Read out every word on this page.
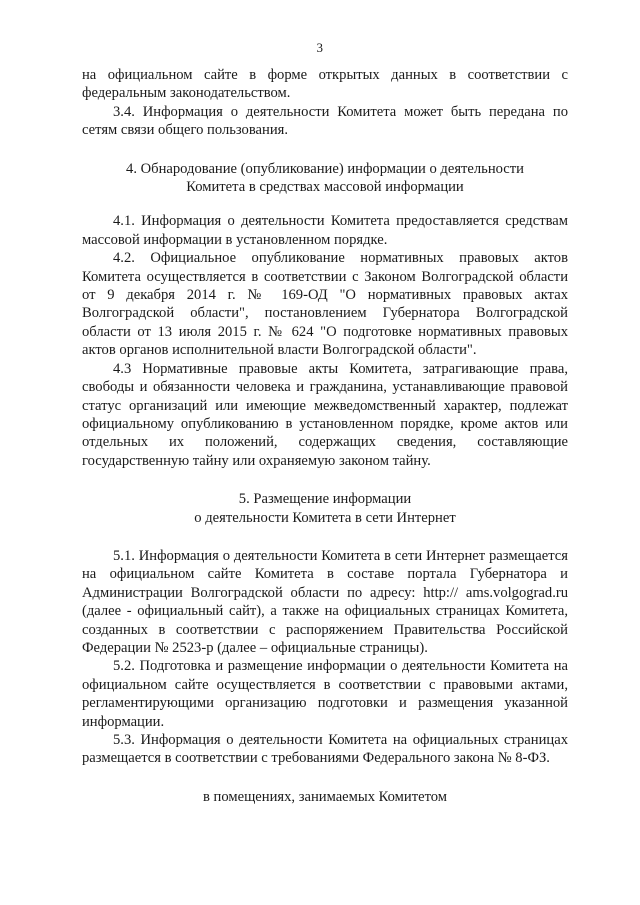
3

на официальном сайте в форме открытых данных в соответствии с федеральным законодательством.

3.4. Информация о деятельности Комитета может быть передана по сетям связи общего пользования.

4. Обнародование (опубликование) информации о деятельности
Комитета в средствах массовой информации

4.1. Информация о деятельности Комитета предоставляется средствам массовой информации в установленном порядке.

4.2. Официальное опубликование нормативных правовых актов Комитета осуществляется в соответствии с Законом Волгоградской области от 9 декабря 2014 г. № 169-ОД "О нормативных правовых актах Волгоградской области", постановлением Губернатора Волгоградской области от 13 июля 2015 г. № 624 "О подготовке нормативных правовых актов органов исполнительной власти Волгоградской области".

4.3 Нормативные правовые акты Комитета, затрагивающие права, свободы и обязанности человека и гражданина, устанавливающие правовой статус организаций или имеющие межведомственный характер, подлежат официальному опубликованию в установленном порядке, кроме актов или отдельных их положений, содержащих сведения, составляющие государственную тайну или охраняемую законом тайну.

5. Размещение информации
о деятельности Комитета в сети Интернет

5.1. Информация о деятельности Комитета в сети Интернет размещается на официальном сайте Комитета в составе портала Губернатора и Администрации Волгоградской области по адресу: http:// ams.volgograd.ru (далее - официальный сайт), а также на официальных страницах Комитета, созданных в соответствии с распоряжением Правительства Российской Федерации № 2523-р (далее – официальные страницы).

5.2. Подготовка и размещение информации о деятельности Комитета на официальном сайте осуществляется в соответствии с правовыми актами, регламентирующими организацию подготовки и размещения указанной информации.

5.3. Информация о деятельности Комитета на официальных страницах размещается в соответствии с требованиями Федерального закона № 8-ФЗ.

в помещениях, занимаемых Комитетом
